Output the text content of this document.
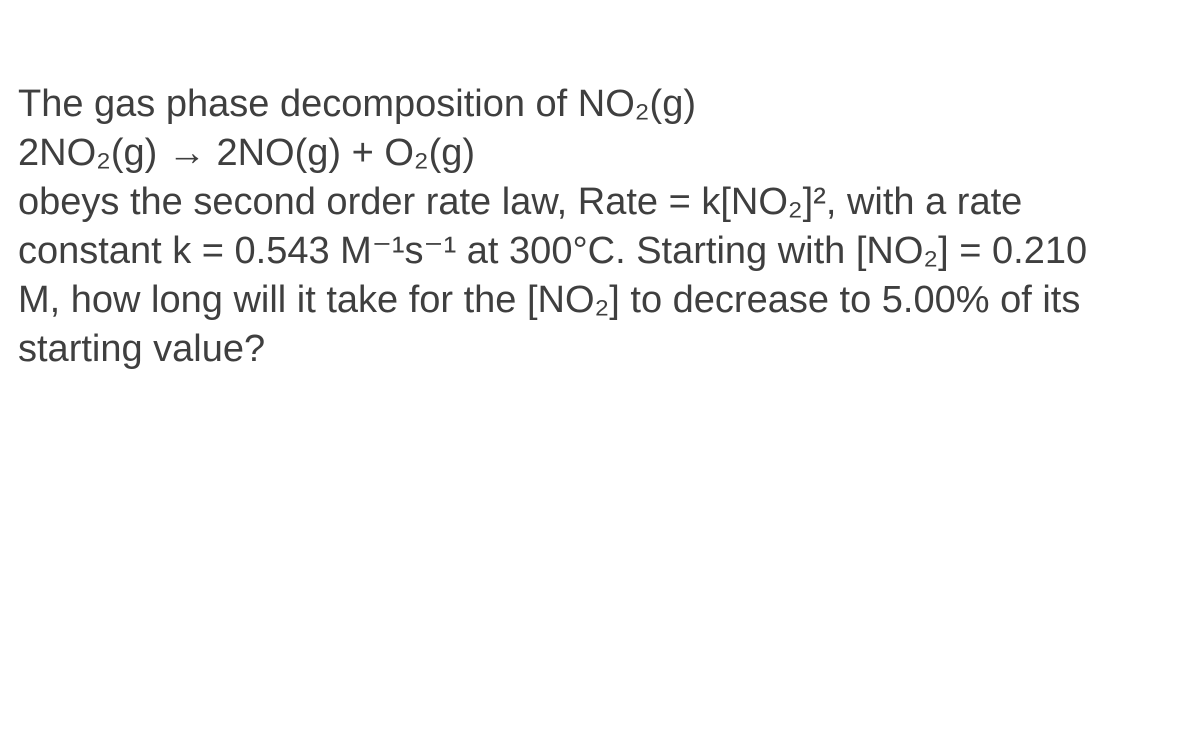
The gas phase decomposition of NO₂(g)
2NO₂(g) → 2NO(g) + O₂(g)
obeys the second order rate law, Rate = k[NO₂]², with a rate
constant k = 0.543 M⁻¹s⁻¹ at 300°C. Starting with [NO₂] = 0.210
M, how long will it take for the [NO₂] to decrease to 5.00% of its
starting value?
